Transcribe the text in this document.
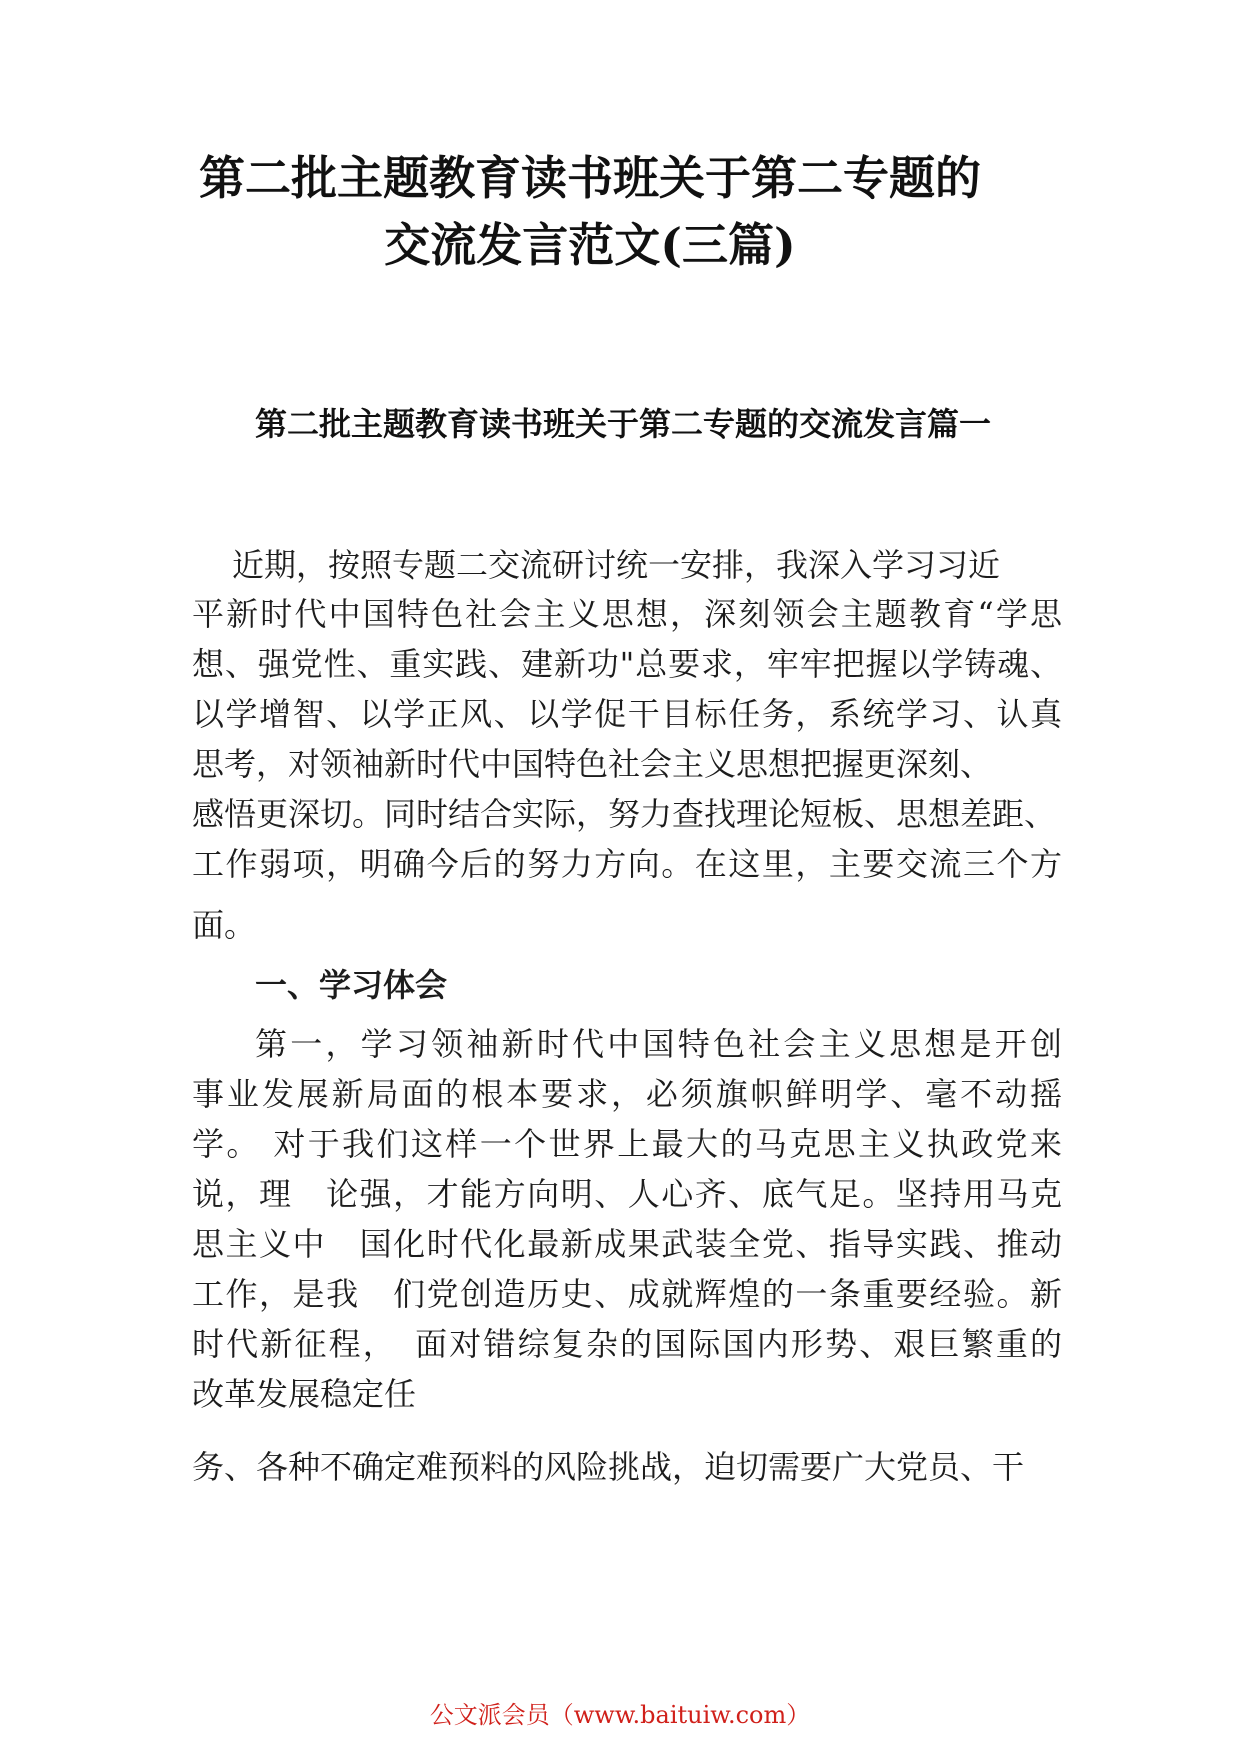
第二批主题教育读书班关于第二专题的
交流发言范文(三篇)
第二批主题教育读书班关于第二专题的交流发言篇一
近期，按照专题二交流研讨统一安排，我深入学习习近
平新时代中国特色社会主义思想，深刻领会主题教育“学思
想、强党性、重实践、建新功"总要求，牢牢把握以学铸魂、
以学增智、以学正风、以学促干目标任务，系统学习、认真
思考，对领袖新时代中国特色社会主义思想把握更深刻、
感悟更深切。同时结合实际，努力查找理论短板、思想差距、
工作弱项，明确今后的努力方向。在这里，主要交流三个方
面。
一、学习体会
第一，学习领袖新时代中国特色社会主义思想是开创
事业发展新局面的根本要求，必须旗帜鲜明学、毫不动摇
学。 对于我们这样一个世界上最大的马克思主义执政党来
说，理　论强，才能方向明、人心齐、底气足。坚持用马克
思主义中　国化时代化最新成果武装全党、指导实践、推动
工作，是我　们党创造历史、成就辉煌的一条重要经验。新
时代新征程，　面对错综复杂的国际国内形势、艰巨繁重的
改革发展稳定任
务、各种不确定难预料的风险挑战，迫切需要广大党员、干
公文派会员（www.baituiw.com）
